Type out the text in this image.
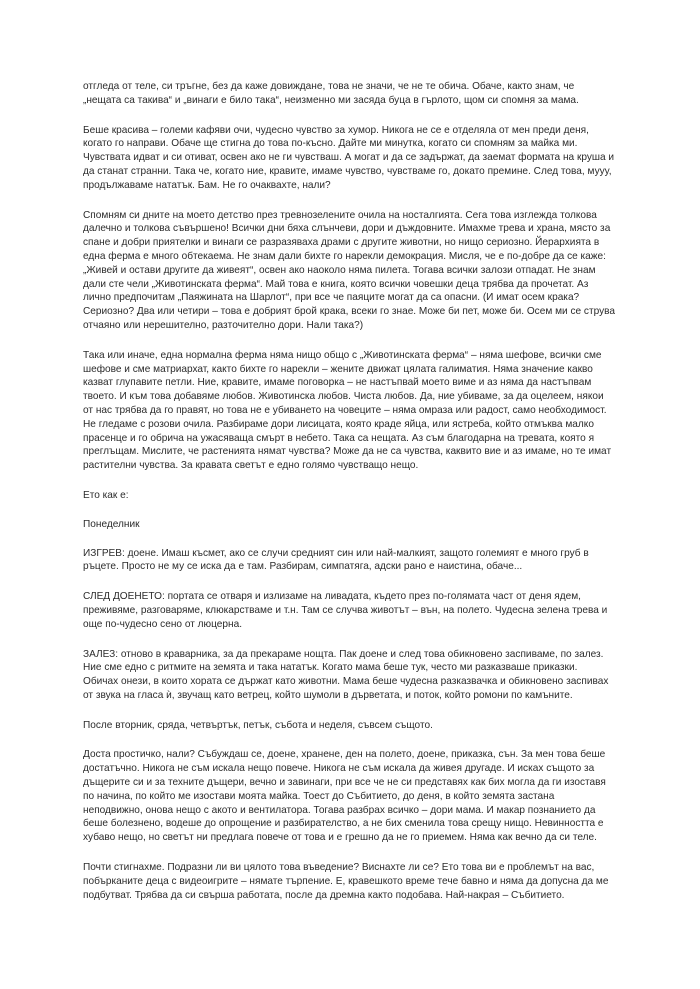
отгледа от теле, си тръгне, без да каже довиждане, това не значи, че не те обича. Обаче, както знам, че „нещата са такива“ и „винаги е било така“, неизменно ми засяда буца в гърлото, щом си спомня за мама.

Беше красива – големи кафяви очи, чудесно чувство за хумор. Никога не се е отделяла от мен преди деня, когато го направи. Обаче ще стигна до това по-късно. Дайте ми минутка, когато си спомням за майка ми. Чувствата идват и си отиват, освен ако не ги чувстваш. А могат и да се задържат, да заемат формата на круша и да станат странни. Така че, когато ние, кравите, имаме чувство, чувстваме го, докато премине. След това, мууу, продължаваме нататък. Бам. Не го очаквахте, нали?

Спомням си дните на моето детство през тревнозелените очила на носталгията. Сега това изглежда толкова далечно и толкова съвършено! Всички дни бяха слънчеви, дори и дъждовните. Имахме трева и храна, място за спане и добри приятелки и винаги се разразяваха драми с другите животни, но нищо сериозно. Йерархията в една ферма е много обтекаема. Не знам дали бихте го нарекли демокрация. Мисля, че е по-добре да се каже: „Живей и остави другите да живеят“, освен ако наоколо няма пилета. Тогава всички залози отпадат. Не знам дали сте чели „Животинската ферма“. Май това е книга, която всички човешки деца трябва да прочетат. Аз лично предпочитам „Паяжината на Шарлот“, при все че паяците могат да са опасни. (И имат осем крака? Сериозно? Два или четири – това е добрият брой крака, всеки го знае. Може би пет, може би. Осем ми се струва отчаяно или нерешително, разточително дори. Нали така?)

Така или иначе, една нормална ферма няма нищо общо с „Животинската ферма“ – няма шефове, всички сме шефове и сме матриархат, както бихте го нарекли – жените движат цялата галиматия. Няма значение какво казват глупавите петли. Ние, кравите, имаме поговорка – не настъпвай моето виме и аз няма да настъпвам твоето. И към това добавяме любов. Животинска любов. Чиста любов. Да, ние убиваме, за да оцелеем, някои от нас трябва да го правят, но това не е убиването на човеците – няма омраза или радост, само необходимост. Не гледаме с розови очила. Разбираме дори лисицата, която краде яйца, или ястреба, който отмъква малко прасенце и го обрича на ужасяваща смърт в небето. Така са нещата. Аз съм благодарна на тревата, която я преглъщам. Мислите, че растенията нямат чувства? Може да не са чувства, каквито вие и аз имаме, но те имат растителни чувства. За кравата светът е едно голямо чувстващо нещо.

Ето как е:

Понеделник

ИЗГРЕВ: доене. Имаш късмет, ако се случи средният син или най-малкият, защото големият е много груб в ръцете. Просто не му се иска да е там. Разбирам, симпатяга, адски рано е наистина, обаче...

СЛЕД ДОЕНЕТО: портата се отваря и излизаме на ливадата, където през по-голямата част от деня ядем, преживяме, разговаряме, клюкарстваме и т.н. Там се случва животът – вън, на полето. Чудесна зелена трева и още по-чудесно сено от люцерна.

ЗАЛЕЗ: отново в краварника, за да прекараме нощта. Пак доене и след това обикновено заспиваме, по залез. Ние сме едно с ритмите на земята и така нататък. Когато мама беше тук, често ми разказваше приказки. Обичах онези, в които хората се държат като животни. Мама беше чудесна разказвачка и обикновено заспивах от звука на гласа ѝ, звучащ като ветрец, който шумоли в дърветата, и поток, който ромони по камъните.

После вторник, сряда, четвъртък, петък, събота и неделя, съвсем същото.

Доста простичко, нали? Събуждаш се, доене, хранене, ден на полето, доене, приказка, сън. За мен това беше достатъчно. Никога не съм искала нещо повече. Никога не съм искала да живея другаде. И исках същото за дъщерите си и за техните дъщери, вечно и завинаги, при все че не си представях как бих могла да ги изоставя по начина, по който ме изостави моята майка. Тоест до Събитието, до деня, в който земята застана неподвижно, онова нещо с акото и вентилатора. Тогава разбрах всичко – дори мама. И макар познанието да беше болезнено, водеше до опрощение и разбирателство, а не бих сменила това срещу нищо. Невинността е хубаво нещо, но светът ни предлага повече от това и е грешно да не го приемем. Няма как вечно да си теле.

Почти стигнахме. Подразни ли ви цялото това въведение? Виснахте ли се? Ето това ви е проблемът на вас, побърканите деца с видеоигрите – нямате търпение. Е, кравешкото време тече бавно и няма да допусна да ме подбутват. Трябва да си свърша работата, после да дремна както подобава. Най-накрая – Събитието.
